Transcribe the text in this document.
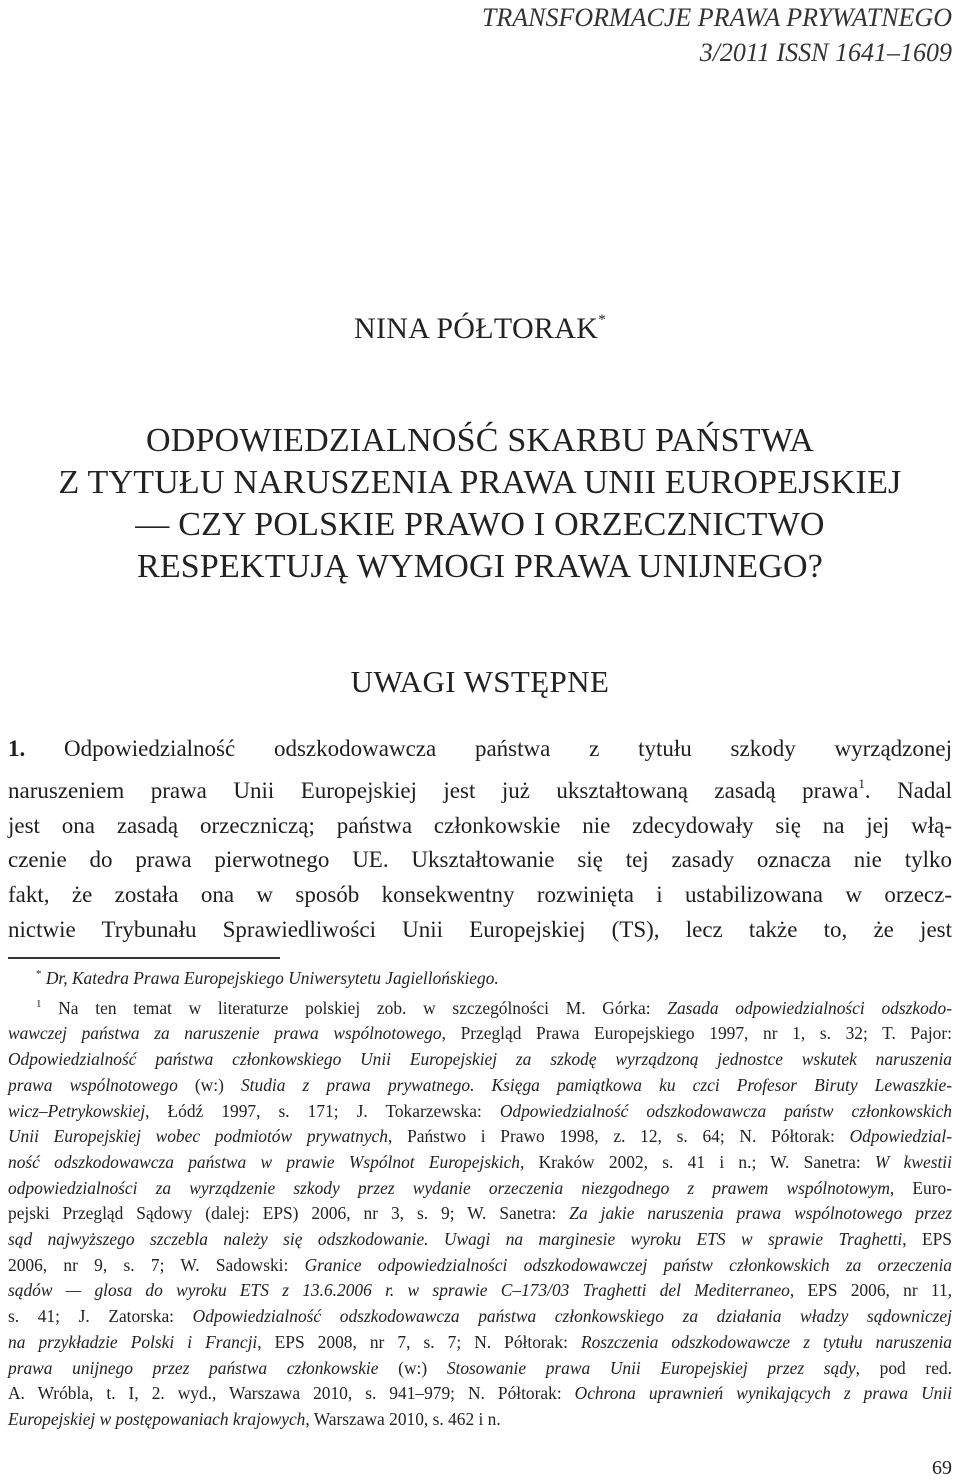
TRANSFORMACJE PRAWA PRYWATNEGO
3/2011 ISSN 1641–1609
NINA PÓŁTORAK*
ODPOWIEDZIALNOŚĆ SKARBU PAŃSTWA
Z TYTUŁU NARUSZENIA PRAWA UNII EUROPEJSKIEJ
— CZY POLSKIE PRAWO I ORZECZNICTWO
RESPEKTUJĄ WYMOGI PRAWA UNIJNEGO?
UWAGI WSTĘPNE
1. Odpowiedzialność odszkodowawcza państwa z tytułu szkody wyrządzonej
naruszeniem prawa Unii Europejskiej jest już ukształtowaną zasadą prawa$^1$. Nadal
jest ona zasadą orzeczniczą; państwa członkowskie nie zdecydowały się na jej włą-
czenie do prawa pierwotnego UE. Ukształtowanie się tej zasady oznacza nie tylko
fakt, że została ona w sposób konsekwentny rozwinięta i ustabilizowana w orzecz-
nictwie Trybunału Sprawiedliwości Unii Europejskiej (TS), lecz także to, że jest
* Dr, Katedra Prawa Europejskiego Uniwersytetu Jagiellońskiego.
$^1$ Na ten temat w literaturze polskiej zob. w szczególności M. Górka: Zasada odpowiedzialności odszkodo-
wawczej państwa za naruszenie prawa wspólnotowego, Przegląd Prawa Europejskiego 1997, nr 1, s. 32; T. Pajor:
Odpowiedzialność państwa członkowskiego Unii Europejskiej za szkodę wyrządzoną jednostce wskutek naruszenia
prawa wspólnotowego (w:) Studia z prawa prywatnego. Księga pamiątkowa ku czci Profesor Biruty Lewaszkie-
wicz–Petrykowskiej, Łódź 1997, s. 171; J. Tokarzewska: Odpowiedzialność odszkodowawcza państw członkowskich
Unii Europejskiej wobec podmiotów prywatnych, Państwo i Prawo 1998, z. 12, s. 64; N. Półtorak: Odpowiedzial-
ność odszkodowawcza państwa w prawie Wspólnot Europejskich, Kraków 2002, s. 41 i n.; W. Sanetra: W kwestii
odpowiedzialności za wyrządzenie szkody przez wydanie orzeczenia niezgodnego z prawem wspólnotowym, Euro-
pejski Przegląd Sądowy (dalej: EPS) 2006, nr 3, s. 9; W. Sanetra: Za jakie naruszenia prawa wspólnotowego przez
sąd najwyższego szczebla należy się odszkodowanie. Uwagi na marginesie wyroku ETS w sprawie Traghetti, EPS
2006, nr 9, s. 7; W. Sadowski: Granice odpowiedzialności odszkodowawczej państw członkowskich za orzeczenia
sądów — glosa do wyroku ETS z 13.6.2006 r. w sprawie C–173/03 Traghetti del Mediterraneo, EPS 2006, nr 11,
s. 41; J. Zatorska: Odpowiedzialność odszkodowawcza państwa członkowskiego za działania władzy sądowniczej
na przykładzie Polski i Francji, EPS 2008, nr 7, s. 7; N. Półtorak: Roszczenia odszkodowawcze z tytułu naruszenia
prawa unijnego przez państwa członkowskie (w:) Stosowanie prawa Unii Europejskiej przez sądy, pod red.
A. Wróbla, t. I, 2. wyd., Warszawa 2010, s. 941–979; N. Półtorak: Ochrona uprawnień wynikających z prawa Unii
Europejskiej w postępowaniach krajowych, Warszawa 2010, s. 462 i n.
69
